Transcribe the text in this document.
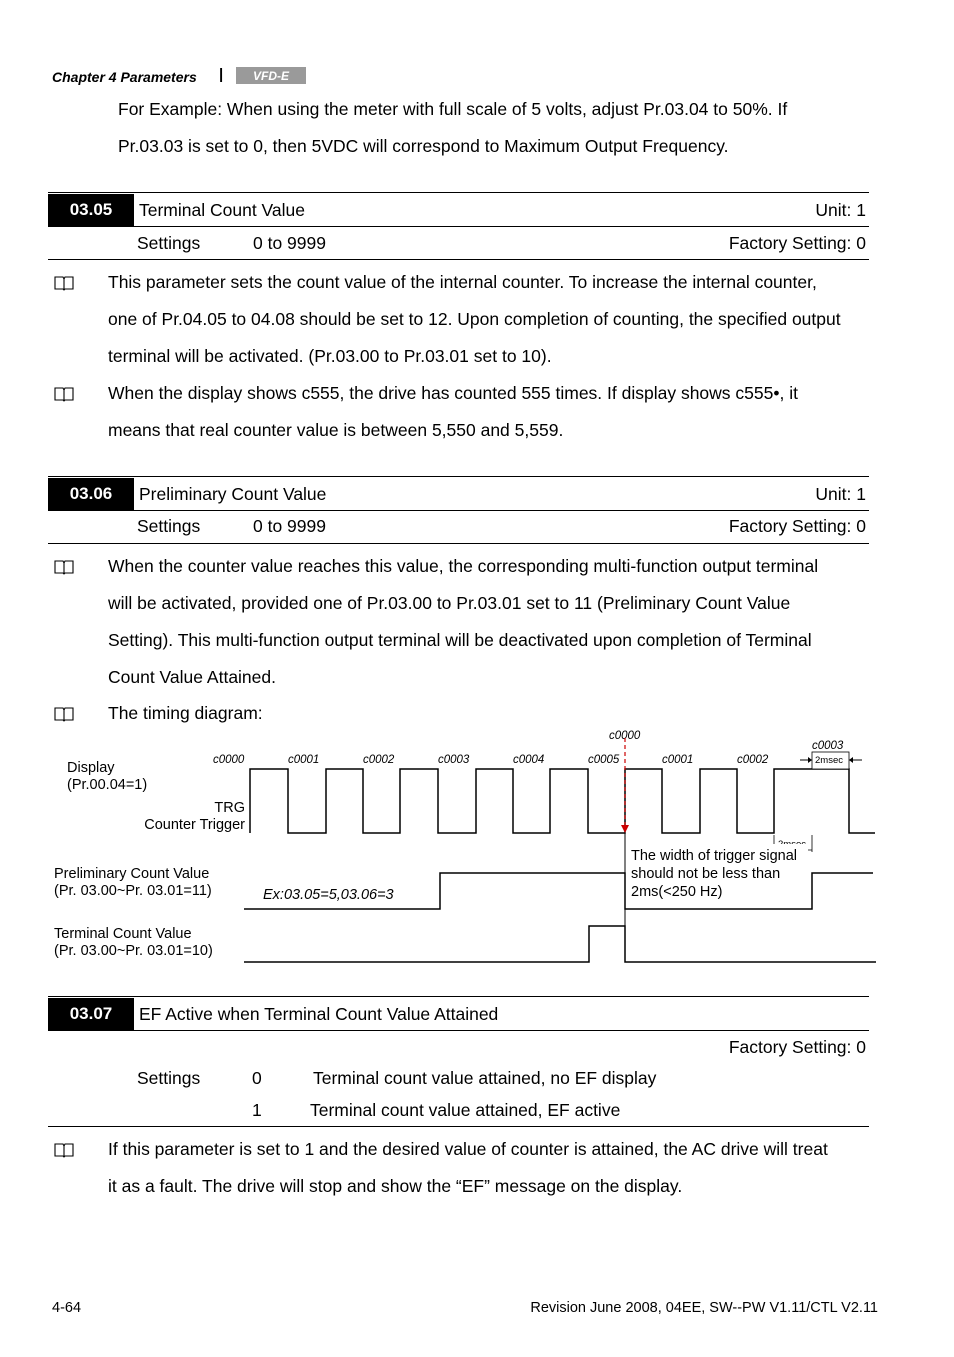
Chapter 4 Parameters | VFD-E
For Example: When using the meter with full scale of 5 volts, adjust Pr.03.04 to 50%. If
Pr.03.03 is set to 0, then 5VDC will correspond to Maximum Output Frequency.
03.05	Terminal Count Value	Unit: 1
Settings	0 to 9999	Factory Setting: 0
This parameter sets the count value of the internal counter. To increase the internal counter,
one of Pr.04.05 to 04.08 should be set to 12. Upon completion of counting, the specified output
terminal will be activated. (Pr.03.00 to Pr.03.01 set to 10).
When the display shows c555, the drive has counted 555 times. If display shows c555•, it
means that real counter value is between 5,550 and 5,559.
03.06	Preliminary Count Value	Unit: 1
Settings	0 to 9999	Factory Setting: 0
When the counter value reaches this value, the corresponding multi-function output terminal
will be activated, provided one of Pr.03.00 to Pr.03.01 set to 11 (Preliminary Count Value
Setting). This multi-function output terminal will be deactivated upon completion of Terminal
Count Value Attained.
The timing diagram:
Display
(Pr.00.04=1)
TRG
Counter Trigger
Preliminary Count Value
(Pr. 03.00~Pr. 03.01=11)
Terminal Count Value
(Pr. 03.00~Pr. 03.01=10)
Ex:03.05=5,03.06=3
c0000	c0001	c0002	c0003	c0004	c0005	c0001	c0002
c0000
c0003
2msec
The width of trigger signal
should not be less than
2ms(<250 Hz)
03.07	EF Active when Terminal Count Value Attained
Factory Setting: 0
Settings	0	Terminal count value attained, no EF display
1	Terminal count value attained, EF active
If this parameter is set to 1 and the desired value of counter is attained, the AC drive will treat
it as a fault. The drive will stop and show the “EF” message on the display.
4-64	Revision June 2008, 04EE, SW--PW V1.11/CTL V2.11
